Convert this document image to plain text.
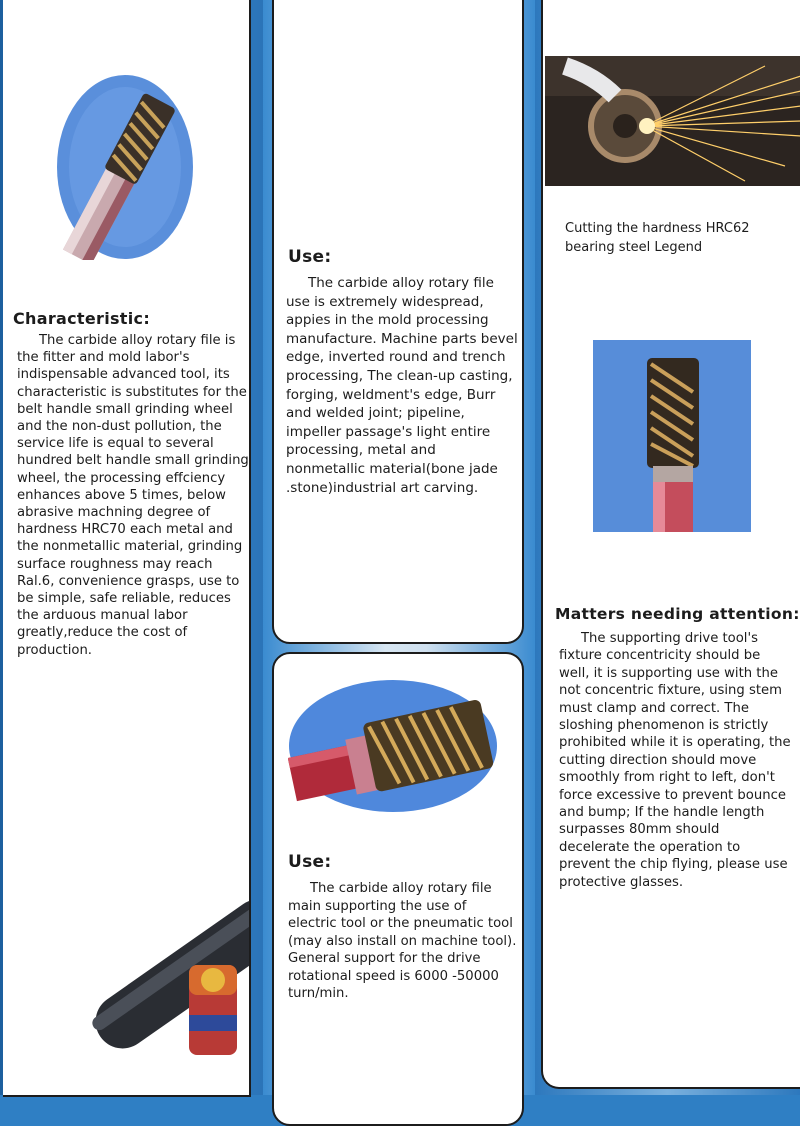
Characteristic:
The carbide alloy rotary file is the fitter and mold labor's indispensable advanced tool, its characteristic is substitutes for the belt handle small grinding wheel and the non-dust pollution, the service life is equal to several hundred belt handle small grinding wheel, the processing effciency enhances above 5 times, below abrasive machning degree of hardness HRC70 each metal and the nonmetallic material, grinding surface roughness may reach Ral.6, convenience grasps, use to be simple, safe reliable, reduces the arduous manual labor greatly,reduce the cost of production.
Use:
The carbide alloy rotary file use is extremely widespread, appies in the mold processing manufacture. Machine parts bevel edge, inverted round and trench processing, The clean-up casting, forging, weldment's edge, Burr and welded joint; pipeline, impeller passage's light entire processing, metal and nonmetallic material(bone jade .stone)industrial art carving.
Use:
The carbide alloy rotary file main supporting the use of electric tool or the pneumatic tool (may also install on machine tool). General support for the drive rotational speed is 6000 -50000 turn/min.
Cutting the hardness HRC62 bearing steel Legend
Matters needing attention:
The supporting drive tool's fixture concentricity should be well, it is supporting use with the not concentric fixture, using stem must clamp and correct. The sloshing phenomenon is strictly prohibited while it is operating, the cutting direction should move smoothly from right to left, don't force excessive to prevent bounce and bump; If the handle length surpasses 80mm should decelerate the operation to prevent the chip flying, please use protective glasses.
